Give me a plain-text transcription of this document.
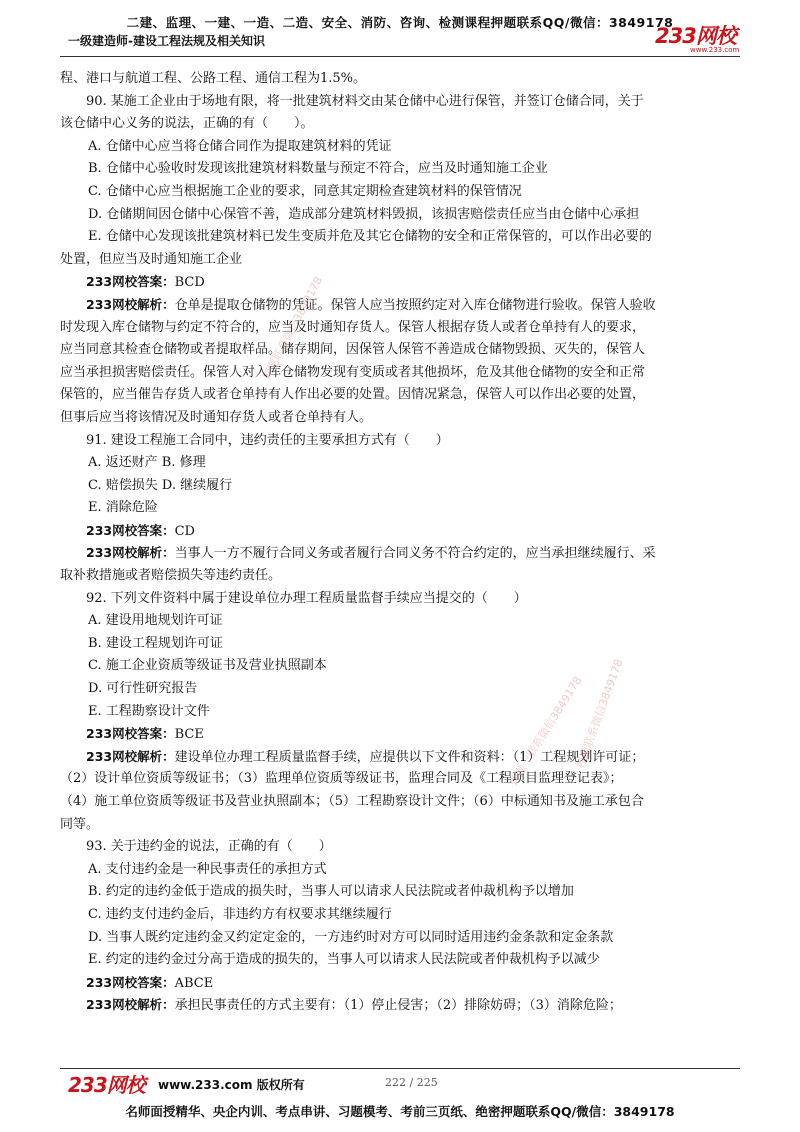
二建、监理、一建、一造、二造、安全、消防、咨询、检测课程押题联系QQ/微信：3849178
一级建造师-建设工程法规及相关知识	233网校
www.233.com
程、港口与航道工程、公路工程、通信工程为1.5%。
90. 某施工企业由于场地有限，将一批建筑材料交由某仓储中心进行保管，并签订仓储合同，关于
该仓储中心义务的说法，正确的有（　　）。
A. 仓储中心应当将仓储合同作为提取建筑材料的凭证
B. 仓储中心验收时发现该批建筑材料数量与预定不符合，应当及时通知施工企业
C. 仓储中心应当根据施工企业的要求，同意其定期检查建筑材料的保管情况
D. 仓储期间因仓储中心保管不善，造成部分建筑材料毁损，该损害赔偿责任应当由仓储中心承担
E. 仓储中心发现该批建筑材料已发生变质并危及其它仓储物的安全和正常保管的，可以作出必要的
处置，但应当及时通知施工企业
233网校答案：BCD
233网校解析：仓单是提取仓储物的凭证。保管人应当按照约定对入库仓储物进行验收。保管人验收
时发现入库仓储物与约定不符合的，应当及时通知存货人。保管人根据存货人或者仓单持有人的要求，
应当同意其检查仓储物或者提取样品。储存期间，因保管人保管不善造成仓储物毁损、灭失的，保管人
应当承担损害赔偿责任。保管人对入库仓储物发现有变质或者其他损坏，危及其他仓储物的安全和正常
保管的，应当催告存货人或者仓单持有人作出必要的处置。因情况紧急，保管人可以作出必要的处置，
但事后应当将该情况及时通知存货人或者仓单持有人。
91. 建设工程施工合同中，违约责任的主要承担方式有（　　）
A. 返还财产 B. 修理
C. 赔偿损失 D. 继续履行
E. 消除危险
233网校答案：CD
233网校解析：当事人一方不履行合同义务或者履行合同义务不符合约定的，应当承担继续履行、采
取补救措施或者赔偿损失等违约责任。
92. 下列文件资料中属于建设单位办理工程质量监督手续应当提交的（　　）
A. 建设用地规划许可证
B. 建设工程规划许可证
C. 施工企业资质等级证书及营业执照副本
D. 可行性研究报告
E. 工程勘察设计文件
233网校答案：BCE
233网校解析：建设单位办理工程质量监督手续，应提供以下文件和资料：（1）工程规划许可证；
（2）设计单位资质等级证书；（3）监理单位资质等级证书，监理合同及《工程项目监理登记表》；
（4）施工单位资质等级证书及营业执照副本；（5）工程勘察设计文件；（6）中标通知书及施工承包合
同等。
93. 关于违约金的说法，正确的有（　　）
A. 支付违约金是一种民事责任的承担方式
B. 约定的违约金低于造成的损失时，当事人可以请求人民法院或者仲裁机构予以增加
C. 违约支付违约金后，非违约方有权要求其继续履行
D. 当事人既约定违约金又约定定金的，一方违约时对方可以同时适用违约金条款和定金条款
E. 约定的违约金过分高于造成的损失的，当事人可以请求人民法院或者仲裁机构予以减少
233网校答案：ABCE
233网校解析：承担民事责任的方式主要有：（1）停止侵害；（2）排除妨碍；（3）消除危险；
押题联系微信3849178
押题联系微信3849178
押题一联系微信3849178
233网校 www.233.com 版权所有	222 / 225
名师面授精华、央企内训、考点串讲、习题模考、考前三页纸、绝密押题联系QQ/微信：3849178
